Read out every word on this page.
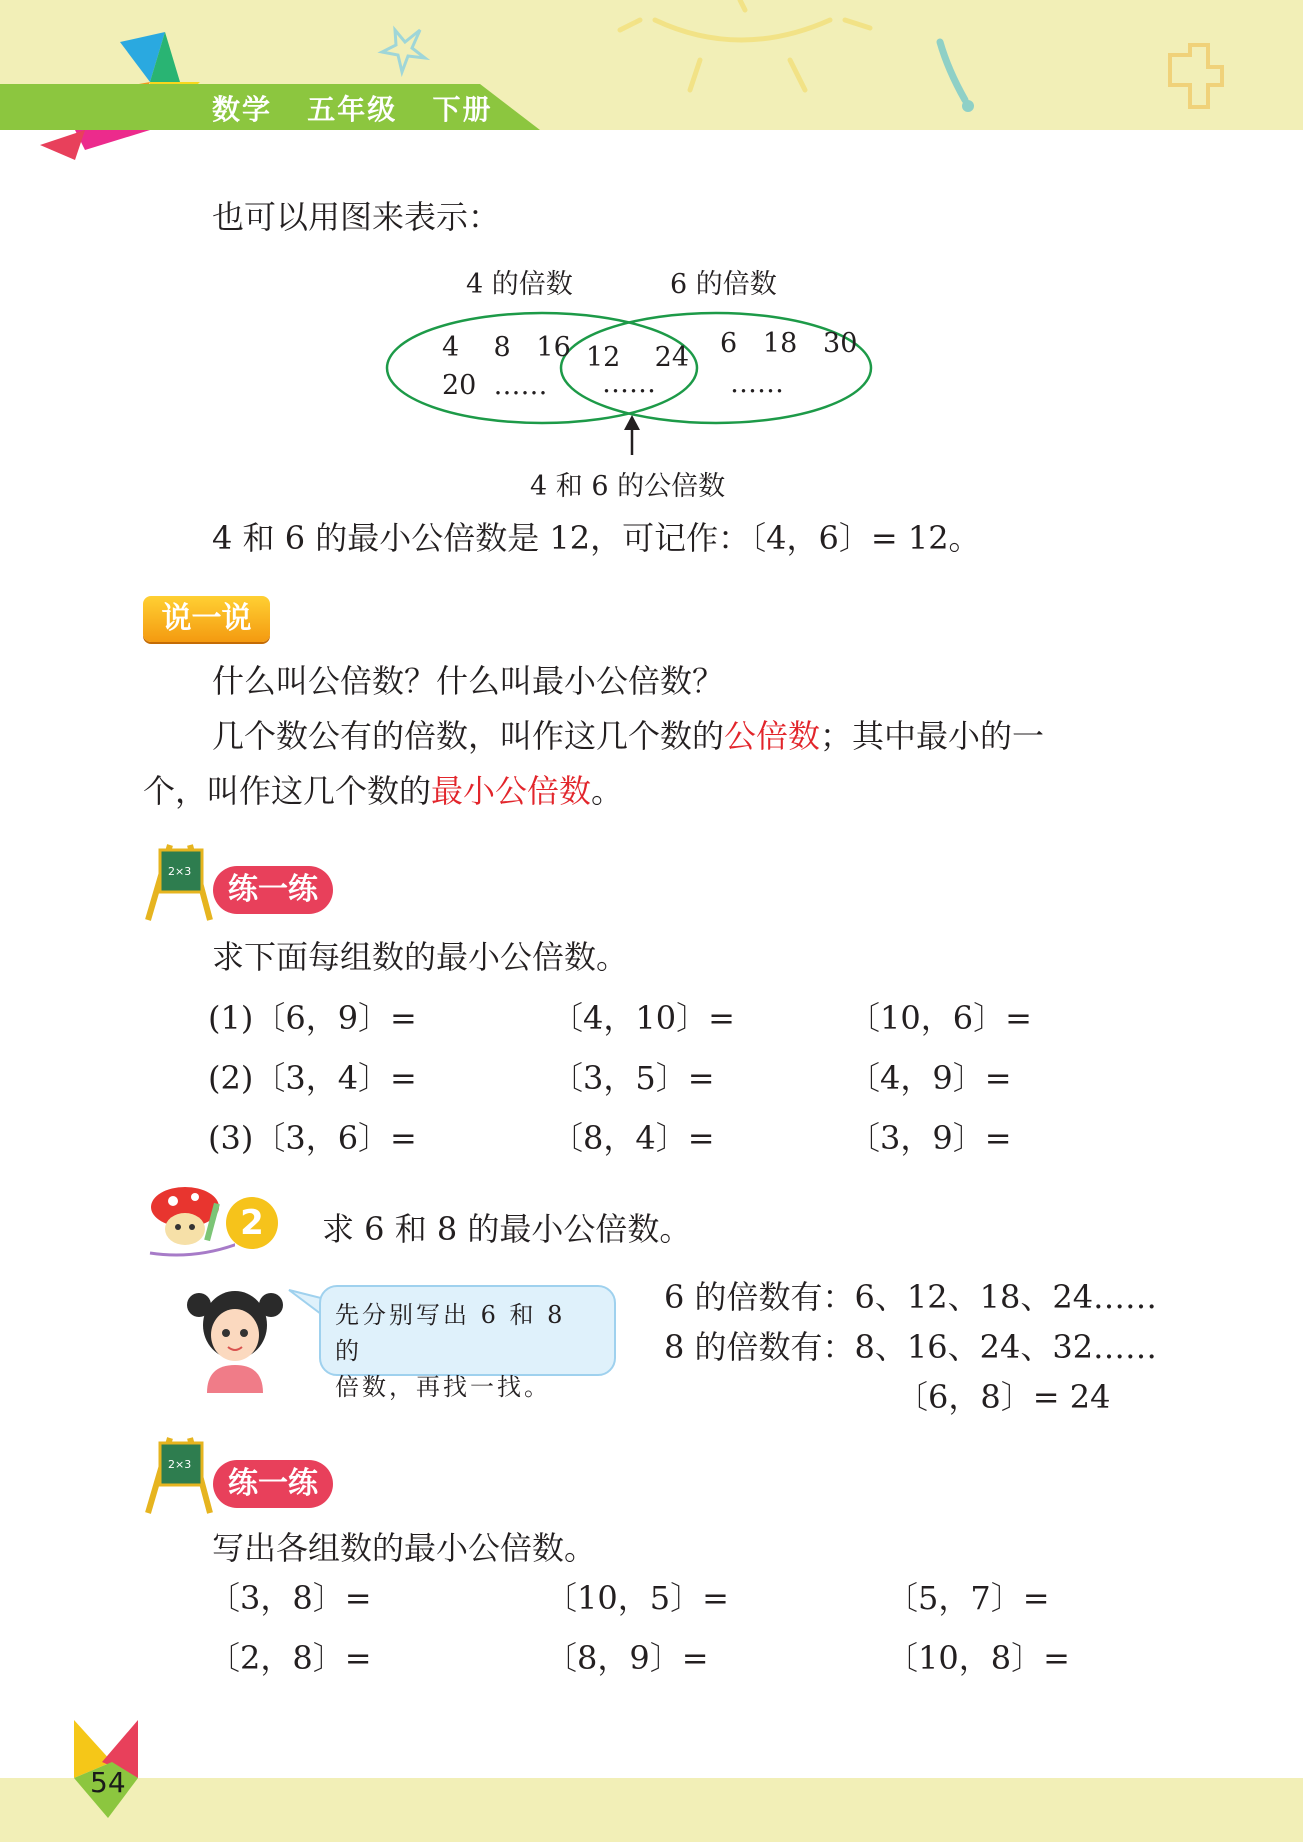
数学   五年级   下册
也可以用图来表示：
4 的倍数	6 的倍数
4    8   16
20  ……
12    24
……
6   18   30
……
4 和 6 的公倍数
4 和 6 的最小公倍数是 12，可记作：〔4，6〕= 12。
说一说
什么叫公倍数？什么叫最小公倍数？
几个数公有的倍数，叫作这几个数的公倍数；其中最小的一
个，叫作这几个数的最小公倍数。
2×3
练一练
求下面每组数的最小公倍数。
(1)〔6，9〕=	〔4，10〕=	〔10，6〕=
(2)〔3，4〕=	〔3，5〕=	〔4，9〕=
(3)〔3，6〕=	〔8，4〕=	〔3，9〕=
2	求 6 和 8 的最小公倍数。
先分别写出 6 和 8 的
倍数，再找一找。
6 的倍数有：6、12、18、24……
8 的倍数有：8、16、24、32……
〔6，8〕= 24
2×3
练一练
写出各组数的最小公倍数。
〔3，8〕=	〔10，5〕=	〔5，7〕=
〔2，8〕=	〔8，9〕=	〔10，8〕=
54
